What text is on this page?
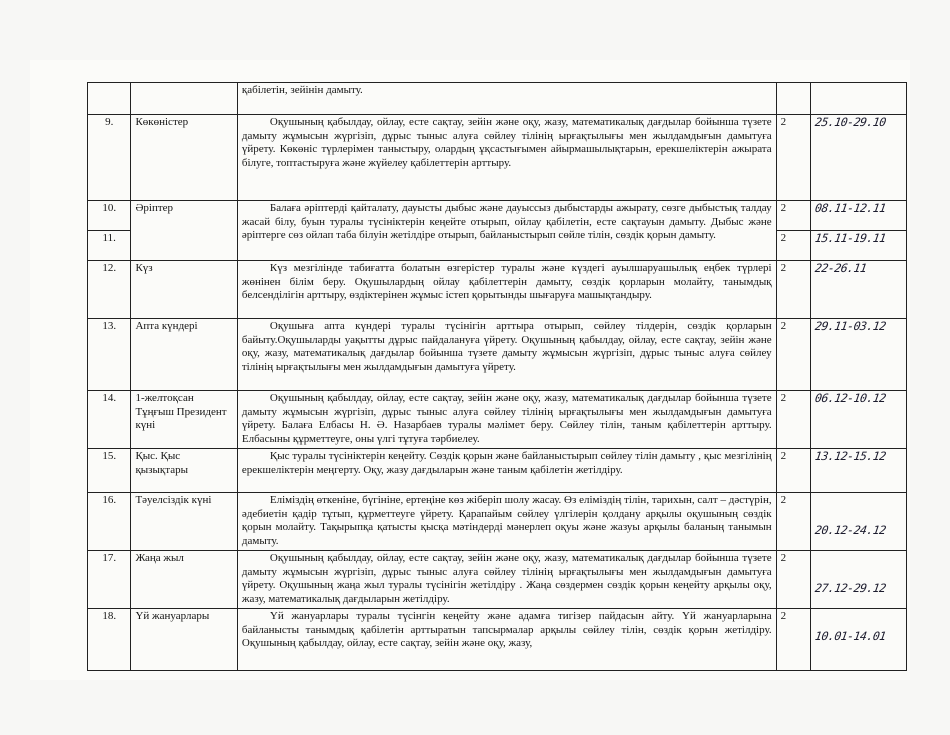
		қабілетін, зейінін дамыту.		

9.	Көкөністер	Оқушының қабылдау, ойлау, есте сақтау, зейін және оқу, жазу, математикалық дағдылар бойынша түзете дамыту жұмысын жүргізіп, дұрыс тыныс алуға сөйлеу тілінің ырғақтылығы мен жылдамдығын дамытуға үйрету. Көкөніс түрлерімен таныстыру, олардың ұқсастығымен айырмашылықтарын, ерекшеліктерін ажырата білуге, топтастыруға және жүйелеу қабілеттерін арттыру.	2	25.10-29.10
10.	Әріптер	Балаға әріптерді қайталату, дауысты дыбыс және дауыссыз дыбыстарды ажырату, сөзге дыбыстық талдау жасай білу, буын туралы түсініктерін кеңейте отырып, ойлау қабілетін, есте сақтауын дамыту. Дыбыс және әріптерге сөз ойлап таба білуін жетілдіре отырып, байланыстырып сөйле тілін, сөздік қорын дамыту.	2	08.11-12.11
11.			2	15.11-19.11
12.	Күз	Күз мезгілінде табиғатта болатын өзгерістер туралы және күздегі ауылшаруашылық еңбек түрлері жөнінен білім беру. Оқушылардың ойлау қабілеттерін дамыту, сөздік қорларын молайту, танымдық белсенділігін арттыру, өздіктерінен жұмыс істеп қорытынды шығаруға машықтандыру.	2	22-26.11
13.	Апта күндері	Оқушыға апта күндері туралы түсінігін арттыра отырып, сөйлеу тілдерін, сөздік қорларын байыту.Оқушыларды уақытты дұрыс пайдалануға үйрету. Оқушының қабылдау, ойлау, есте сақтау, зейін және оқу, жазу, математикалық дағдылар бойынша түзете дамыту жұмысын жүргізіп, дұрыс тыныс алуға сөйлеу тілінің ырғақтылығы мен жылдамдығын дамытуға үйрету.	2	29.11-03.12
14.	1-желтоқсан Тұңғыш Президент күні	Оқушының қабылдау, ойлау, есте сақтау, зейін және оқу, жазу, математикалық дағдылар бойынша түзете дамыту жұмысын жүргізіп, дұрыс тыныс алуға сөйлеу тілінің ырғақтылығы мен жылдамдығын дамытуға үйрету. Балаға Елбасы Н. Ә. Назарбаев туралы мәлімет беру. Сөйлеу тілін, таным қабілеттерін арттыру. Елбасыны құрметтеуге, оны үлгі тұтуға тәрбиелеу.	2	06.12-10.12
15.	Қыс. Қыс қызықтары	Қыс туралы түсініктерін кеңейту. Сөздік қорын және байланыстырып сөйлеу тілін дамыту , қыс мезгілінің ерекшеліктерін меңгерту. Оқу, жазу дағдыларын және таным қабілетін жетілдіру.	2	13.12-15.12
16.	Тәуелсіздік күні	Еліміздің өткеніне, бүгініне, ертеңіне көз жіберіп шолу жасау. Өз еліміздің тілін, тарихын, салт – дәстүрін, әдебиетін қадір тұтып, құрметтеуге үйрету. Қарапайым сөйлеу үлгілерін қолдану арқылы оқушының сөздік қорын молайту. Тақырыпқа қатысты қысқа мәтіндерді мәнерлеп оқуы және жазуы арқылы баланың танымын дамыту.	2	20.12-24.12
17.	Жаңа жыл	Оқушының қабылдау, ойлау, есте сақтау, зейін және оқу, жазу, математикалық дағдылар бойынша түзете дамыту жұмысын жүргізіп, дұрыс тыныс алуға сөйлеу тілінің ырғақтылығы мен жылдамдығын дамытуға үйрету. Оқушының жаңа жыл туралы түсінігін жетілдіру . Жаңа сөздермен сөздік қорын кеңейту арқылы оқу, жазу, математикалық дағдыларын жетілдіру.	2	27.12-29.12
18.	Үй жануарлары	Үй жануарлары туралы түсінгін кеңейту және адамға тигізер пайдасын айту. Үй жануарларына байланысты танымдық қабілетін арттыратын тапсырмалар арқылы сөйлеу тілін, сөздік қорын жетілдіру. Оқушының қабылдау, ойлау, есте сақтау, зейін және оқу, жазу,	2	10.01-14.01
